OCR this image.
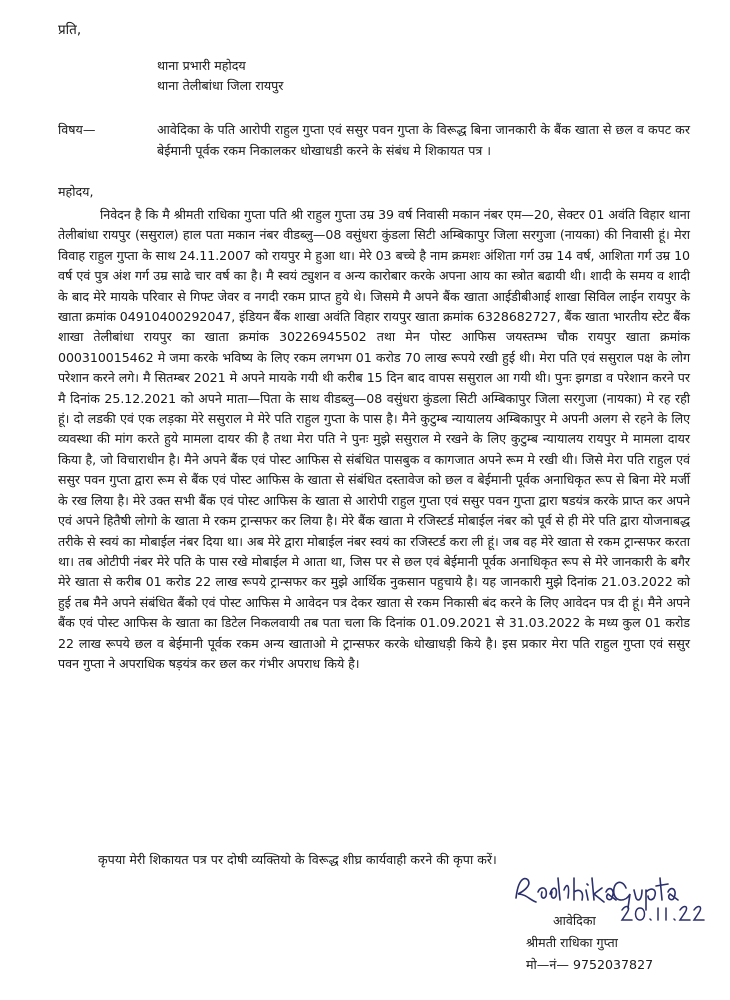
प्रति,
थाना प्रभारी महोदय
थाना तेलीबांधा जिला रायपुर
विषय—	आवेदिका के पति आरोपी राहुल गुप्ता एवं ससुर पवन गुप्ता के विरूद्ध बिना जानकारी के बैंक खाता से छल व कपट कर बेईमानी पूर्वक रकम निकालकर धोखाधडी करने के संबंध मे शिकायत पत्र ।
महोदय,

निवेदन है कि मै श्रीमती राधिका गुप्ता पति श्री राहुल गुप्ता उम्र 39 वर्ष निवासी मकान नंबर एम—20, सेक्टर 01 अवंति विहार थाना तेलीबांधा रायपुर (ससुराल) हाल पता मकान नंबर वीडब्लु—08 वसुंधरा कुंडला सिटी अम्बिकापुर जिला सरगुजा (नायका) की निवासी हूं। मेरा विवाह राहुल गुप्ता के साथ 24.11.2007 को रायपुर मे हुआ था। मेरे 03 बच्चे है नाम क्रमशः अंशिता गर्ग उम्र 14 वर्ष, आशिता गर्ग उम्र 10 वर्ष एवं पुत्र अंश गर्ग उम्र साढे चार वर्ष का है। मै स्वयं ट्युशन व अन्य कारोबार करके अपना आय का स्त्रोत बढायी थी। शादी के समय व शादी के बाद मेरे मायके परिवार से गिफ्ट जेवर व नगदी रकम प्राप्त हुये थे। जिसमे मै अपने बैंक खाता आईडीबीआई शाखा सिविल लाईन रायपुर के खाता क्रमांक 04910400292047, इंडियन बैंक शाखा अवंति विहार रायपुर खाता क्रमांक 6328682727, बैंक खाता भारतीय स्टेट बैंक शाखा तेलीबांधा रायपुर का खाता क्रमांक 30226945502 तथा मेन पोस्ट आफिस जयस्तम्भ चौक रायपुर खाता क्रमांक 000310015462 मे जमा करके भविष्य के लिए रकम लगभग 01 करोड 70 लाख रूपये रखी हुई थी। मेरा पति एवं ससुराल पक्ष के लोग परेशान करने लगे। मै सितम्बर 2021 मे अपने मायके गयी थी करीब 15 दिन बाद वापस ससुराल आ गयी थी। पुनः झगडा व परेशान करने पर मै दिनांक 25.12.2021 को अपने माता—पिता के साथ वीडब्लु—08 वसुंधरा कुंडला सिटी अम्बिकापुर जिला सरगुजा (नायका) मे रह रही हूं। दो लडकी एवं एक लड़का मेरे ससुराल मे मेरे पति राहुल गुप्ता के पास है। मैने कुटुम्ब न्यायालय अम्बिकापुर मे अपनी अलग से रहने के लिए व्यवस्था की मांग करते हुये मामला दायर की है तथा मेरा पति ने पुनः मुझे ससुराल मे रखने के लिए कुटुम्ब न्यायालय रायपुर मे मामला दायर किया है, जो विचाराधीन है। मैने अपने बैंक एवं पोस्ट आफिस से संबंधित पासबुक व कागजात अपने रूम मे रखी थी। जिसे मेरा पति राहुल एवं ससुर पवन गुप्ता द्वारा रूम से बैंक एवं पोस्ट आफिस के खाता से संबंधित दस्तावेज को छल व बेईमानी पूर्वक अनाधिकृत रूप से बिना मेरे मर्जी के रख लिया है। मेरे उक्त सभी बैंक एवं पोस्ट आफिस के खाता से आरोपी राहुल गुप्ता एवं ससुर पवन गुप्ता द्वारा षडयंत्र करके प्राप्त कर अपने एवं अपने हितैषी लोगो के खाता मे रकम ट्रान्सफर कर लिया है। मेरे बैंक खाता मे रजिस्टर्ड मोबाईल नंबर को पूर्व से ही मेरे पति द्वारा योजनाबद्ध तरीके से स्वयं का मोबाईल नंबर दिया था। अब मेरे द्वारा मोबाईल नंबर स्वयं का रजिस्टर्ड करा ली हूं। जब वह मेरे खाता से रकम ट्रान्सफर करता था। तब ओटीपी नंबर मेरे पति के पास रखे मोबाईल मे आता था, जिस पर से छल एवं बेईमानी पूर्वक अनाधिकृत रूप से मेरे जानकारी के बगैर मेरे खाता से करीब 01 करोड 22 लाख रूपये ट्रान्सफर कर मुझे आर्थिक नुकसान पहुचाये है। यह जानकारी मुझे दिनांक 21.03.2022 को हुई तब मैने अपने संबंधित बैंको एवं पोस्ट आफिस मे आवेदन पत्र देकर खाता से रकम निकासी बंद करने के लिए आवेदन पत्र दी हूं। मैने अपने बैंक एवं पोस्ट आफिस के खाता का डिटेल निकलवायी तब पता चला कि दिनांक 01.09.2021 से 31.03.2022 के मध्य कुल 01 करोड 22 लाख रूपये छल व बेईमानी पूर्वक रकम अन्य खाताओ मे ट्रान्सफर करके धोखाधड़ी किये है। इस प्रकार मेरा पति राहुल गुप्ता एवं ससुर पवन गुप्ता ने अपराधिक षड़यंत्र कर छल कर गंभीर अपराध किये है।

कृपया मेरी शिकायत पत्र पर दोषी व्यक्तियो के विरूद्ध शीघ्र कार्यवाही करने की कृपा करें।
आवेदिका
श्रीमती राधिका गुप्ता
मो—नं— 9752037827
